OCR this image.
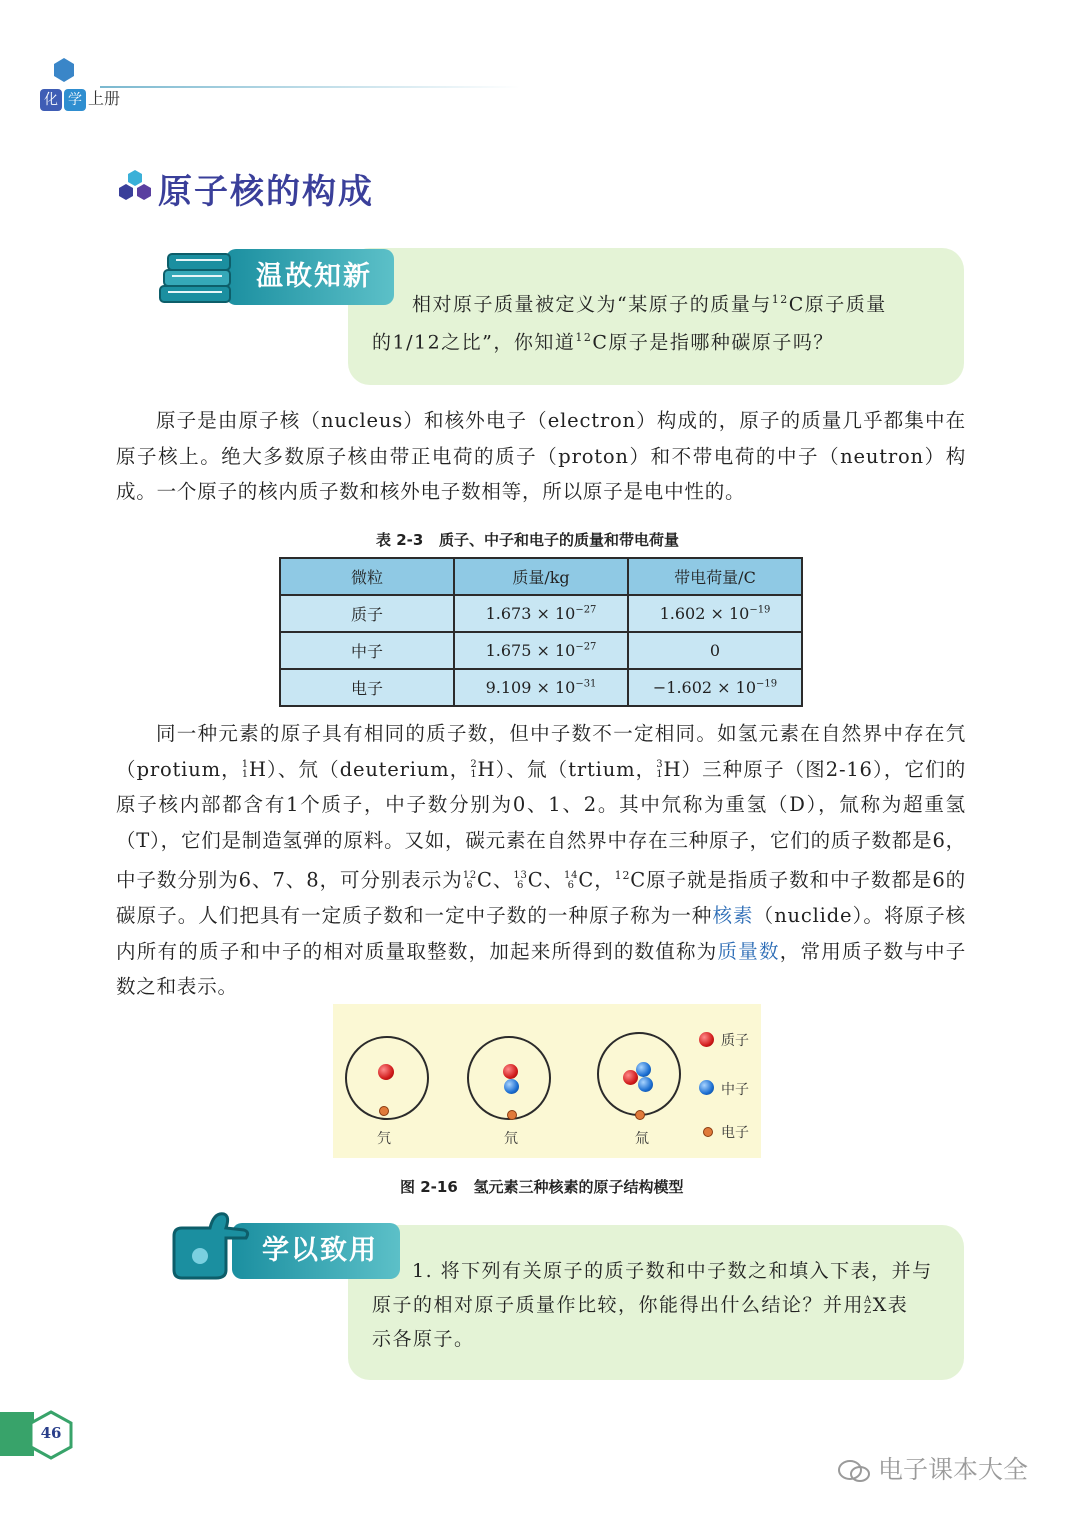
化 学 上册
原子核的构成
温故知新
相对原子质量被定义为“某原子的质量与$^{12}$C原子质量
的1/12之比”，你知道$^{12}$C原子是指哪种碳原子吗？

原子是由原子核（nucleus）和核外电子（electron）构成的，原子的质量几乎都集中在原子核上。绝大多数原子核由带正电荷的质子（proton）和不带电荷的中子（neutron）构成。一个原子的核内质子数和核外电子数相等，所以原子是电中性的。

表 2-3 质子、中子和电子的质量和带电荷量
微粒	质量/kg	带电荷量/C
质子	$1.673 \times 10^{-27}$	$1.602 \times 10^{-19}$
中子	$1.675 \times 10^{-27}$	0
电子	$9.109 \times 10^{-31}$	$-1.602 \times 10^{-19}$

同一种元素的原子具有相同的质子数，但中子数不一定相同。如氢元素在自然界中存在氕（protium，1
1H）、氘（deuterium，2
1H）、氚（trtium，3
1H）三种原子（图2-16），它们的原子核内部都含有1个质子，中子数分别为0、1、2。其中氘称为重氢（D），氚称为超重氢（T），它们是制造氢弹的原料。又如，碳元素在自然界中存在三种原子，它们的质子数都是6，中子数分别为6、7、8，可分别表示为12
6 C、13
6 C、14
6 C，$^{12}$C原子就是指质子数和中子数都是6的碳原子。人们把具有一定质子数和一定中子数的一种原子称为一种核素（nuclide）。将原子核内所有的质子和中子的相对质量取整数，加起来所得到的数值称为质量数，常用质子数与中子数之和表示。

氕	氘	氚
质子
中子
电子
图 2-16 氢元素三种核素的原子结构模型
学以致用
1. 将下列有关原子的质子数和中子数之和填入下表，并与
原子的相对原子质量作比较，你能得出什么结论？并用A
ZX表
示各原子。
46
电子课本大全
